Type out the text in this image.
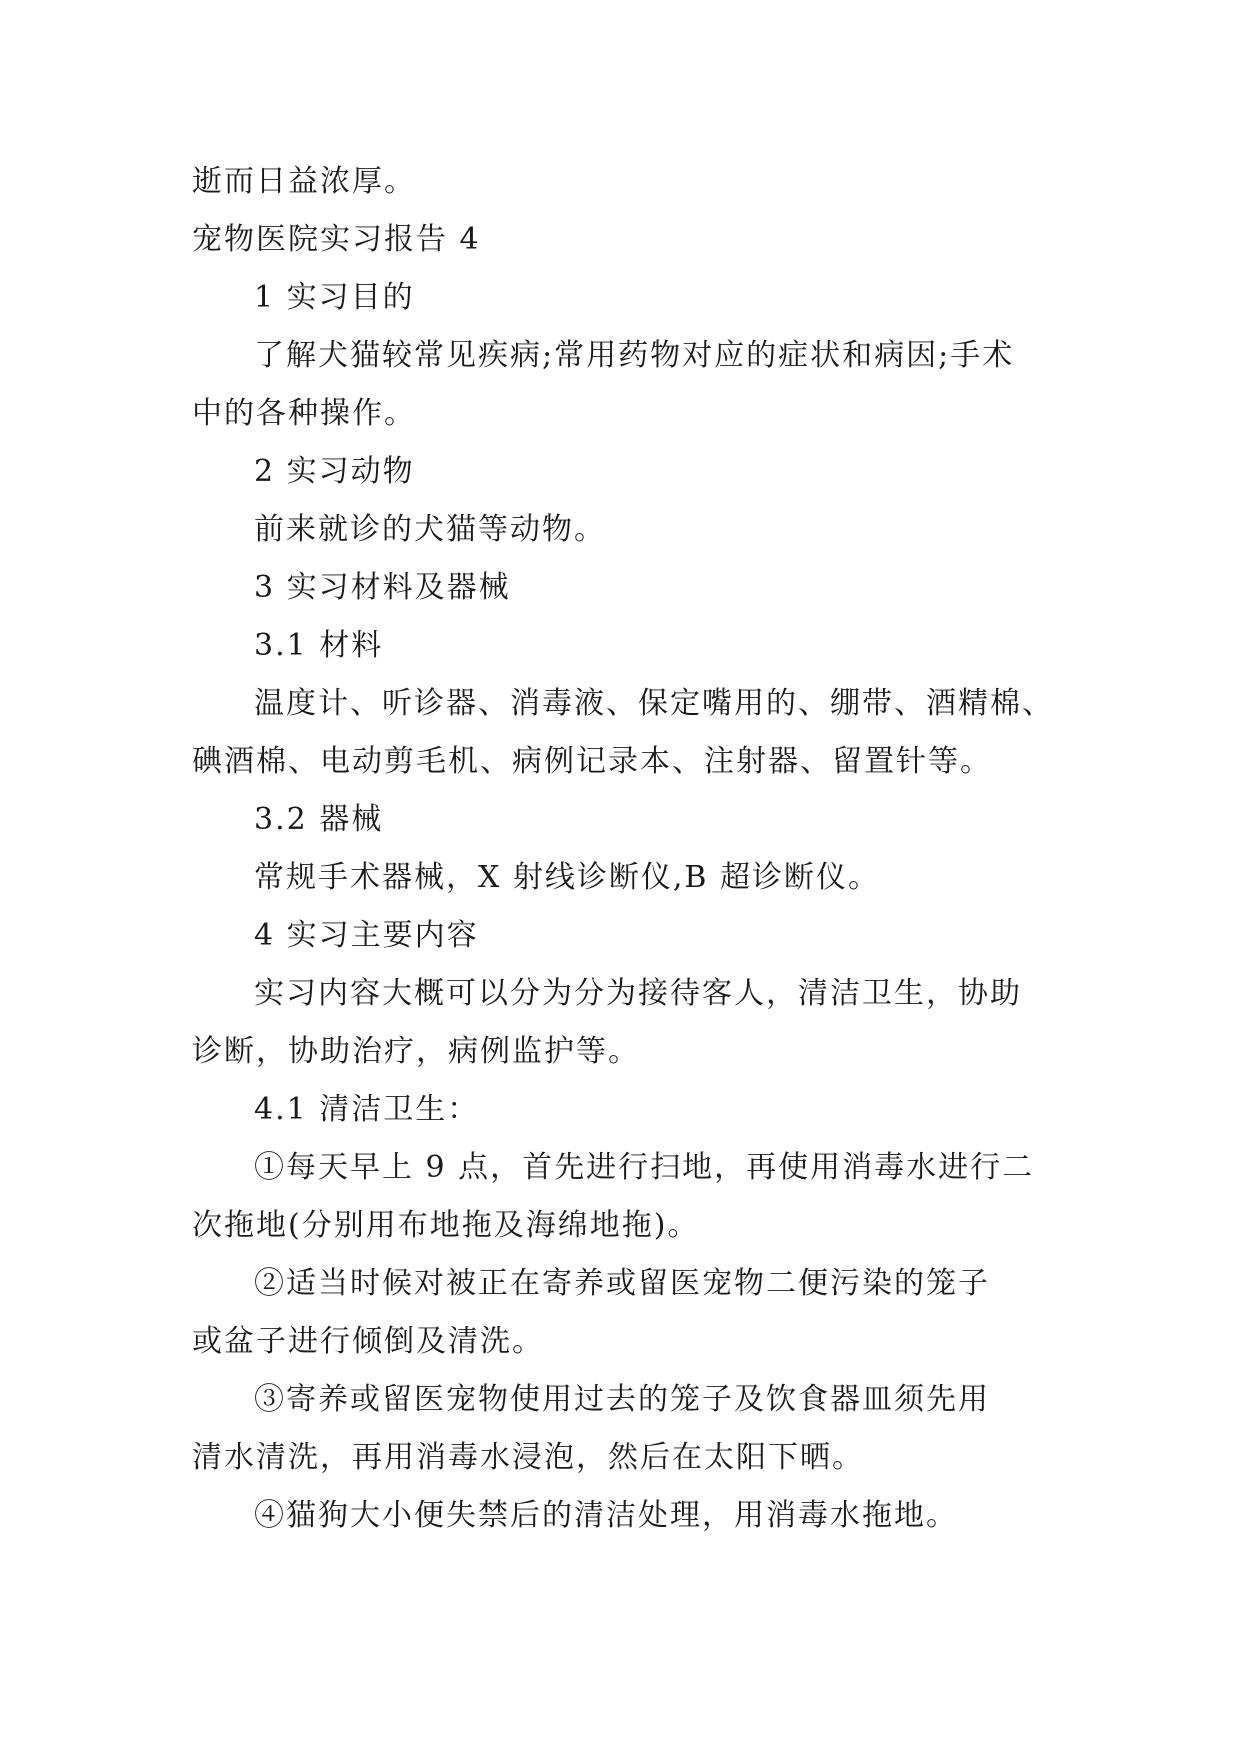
逝而日益浓厚。
宠物医院实习报告 4
1 实习目的
了解犬猫较常见疾病;常用药物对应的症状和病因;手术
中的各种操作。
2 实习动物
前来就诊的犬猫等动物。
3 实习材料及器械
3.1 材料
温度计、听诊器、消毒液、保定嘴用的、绷带、酒精棉、
碘酒棉、电动剪毛机、病例记录本、注射器、留置针等。
3.2 器械
常规手术器械，X 射线诊断仪,B 超诊断仪。
4 实习主要内容
实习内容大概可以分为分为接待客人，清洁卫生，协助
诊断，协助治疗，病例监护等。
4.1 清洁卫生：
①每天早上 9 点，首先进行扫地，再使用消毒水进行二
次拖地(分别用布地拖及海绵地拖)。
②适当时候对被正在寄养或留医宠物二便污染的笼子
或盆子进行倾倒及清洗。
③寄养或留医宠物使用过去的笼子及饮食器皿须先用
清水清洗，再用消毒水浸泡，然后在太阳下晒。
④猫狗大小便失禁后的清洁处理，用消毒水拖地。
